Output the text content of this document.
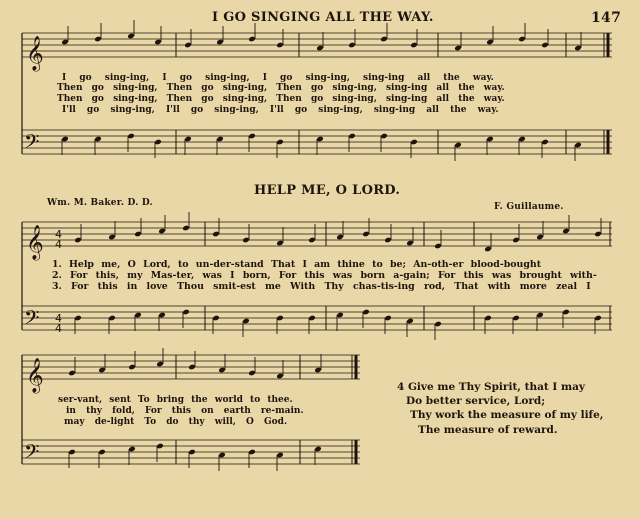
𝄞
𝄢
𝄞
𝄢
4
4
4
4
𝄞
𝄢
I GO SINGING ALL THE WAY.	147
I go sing-ing, I go sing-ing, I go sing-ing, sing-ing all the way.
Then go sing-ing, Then go sing-ing, Then go sing-ing, sing-ing all the way.
Then go sing-ing, Then go sing-ing, Then go sing-ing, sing-ing all the way.
I'll go sing-ing, I'll go sing-ing, I'll go sing-ing, sing-ing all the way.
HELP ME, O LORD.
Wm. M. Baker. D. D.	F. Guillaume.
1. Help me, O Lord, to un-der-stand That I am thine to be; An-oth-er blood-bought
2. For this, my Mas-ter, was I born, For this was born a-gain; For this was brought with-
3. For this in love Thou smit-est me With Thy chas-tis-ing rod, That with more zeal I
ser-vant, sent To bring the world to thee.
in thy fold, For this on earth re-main.
may de-light To do thy will, O God.
4 Give me Thy Spirit, that I may
Do better service, Lord;
Thy work the measure of my life,
The measure of reward.
